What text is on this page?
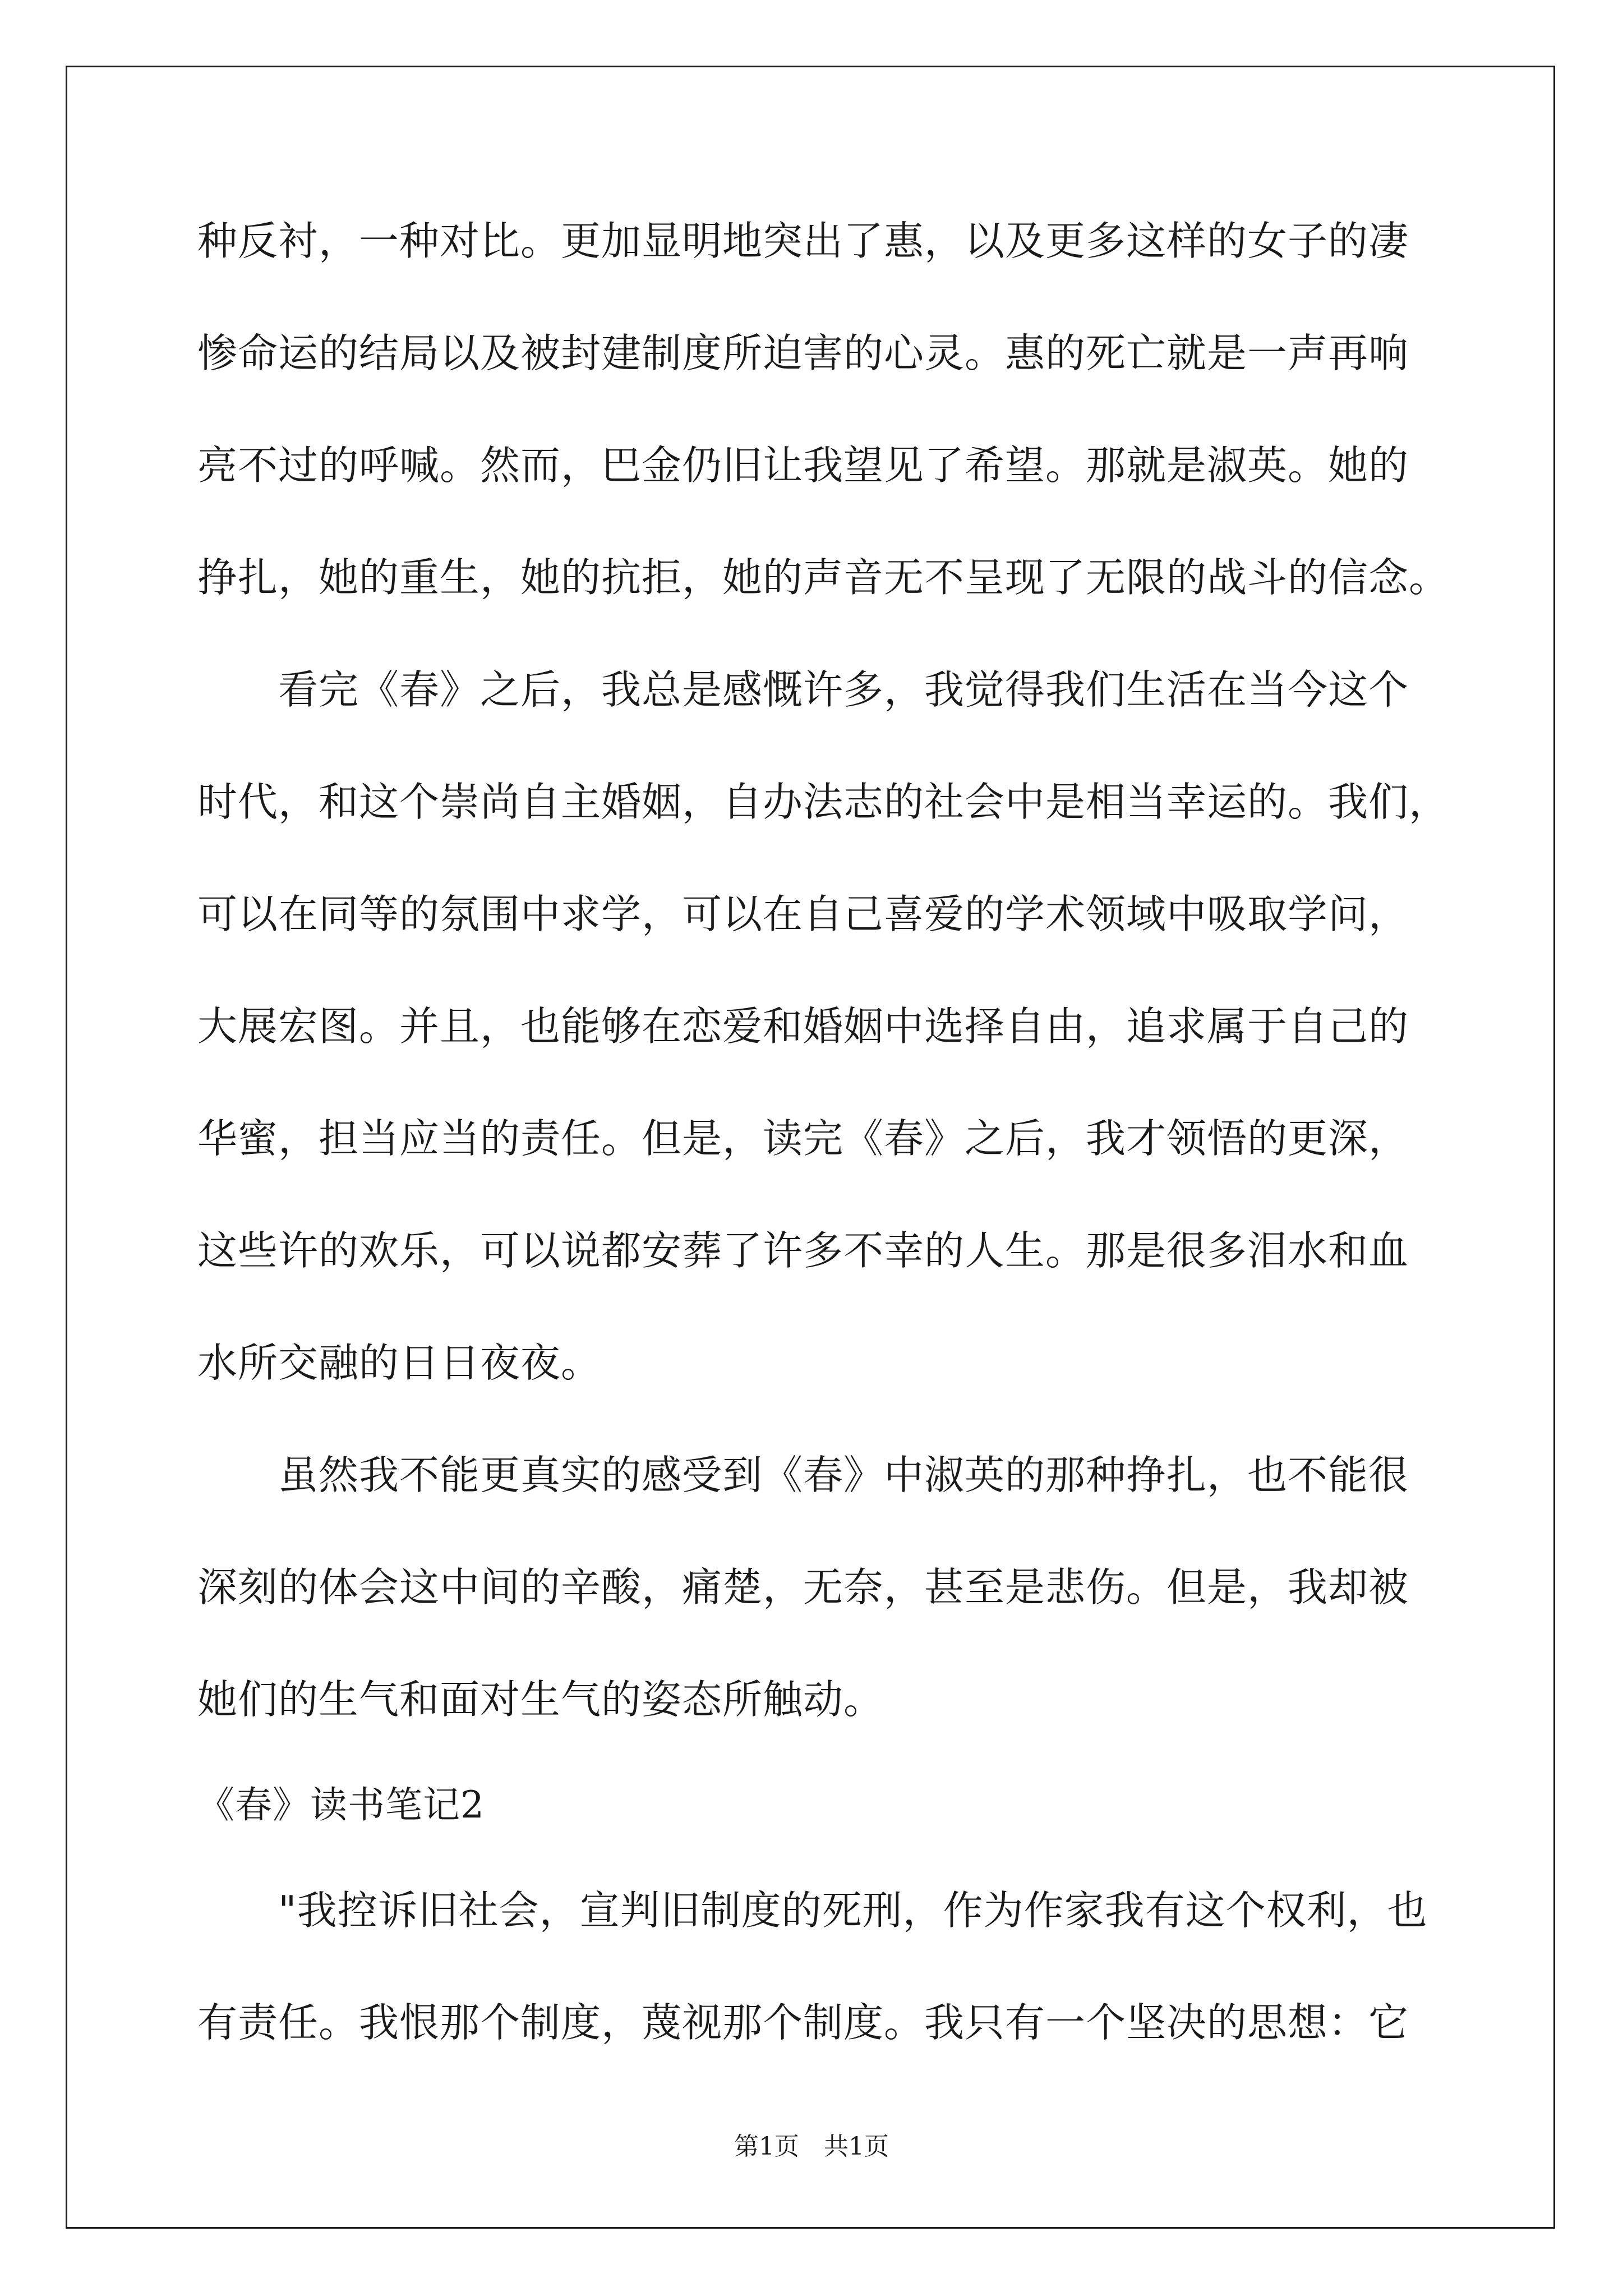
种反衬，一种对比。更加显明地突出了惠，以及更多这样的女子的凄
惨命运的结局以及被封建制度所迫害的心灵。惠的死亡就是一声再响
亮不过的呼喊。然而，巴金仍旧让我望见了希望。那就是淑英。她的
挣扎，她的重生，她的抗拒，她的声音无不呈现了无限的战斗的信念。
　　看完《春》之后，我总是感慨许多，我觉得我们生活在当今这个
时代，和这个崇尚自主婚姻，自办法志的社会中是相当幸运的。我们，
可以在同等的氛围中求学，可以在自己喜爱的学术领域中吸取学问，
大展宏图。并且，也能够在恋爱和婚姻中选择自由，追求属于自己的
华蜜，担当应当的责任。但是，读完《春》之后，我才领悟的更深，
这些许的欢乐，可以说都安葬了许多不幸的人生。那是很多泪水和血
水所交融的日日夜夜。
　　虽然我不能更真实的感受到《春》中淑英的那种挣扎，也不能很
深刻的体会这中间的辛酸，痛楚，无奈，甚至是悲伤。但是，我却被
她们的生气和面对生气的姿态所触动。
《春》读书笔记2
　　"我控诉旧社会，宣判旧制度的死刑，作为作家我有这个权利，也
有责任。我恨那个制度，蔑视那个制度。我只有一个坚决的思想：它
第1页　共1页
